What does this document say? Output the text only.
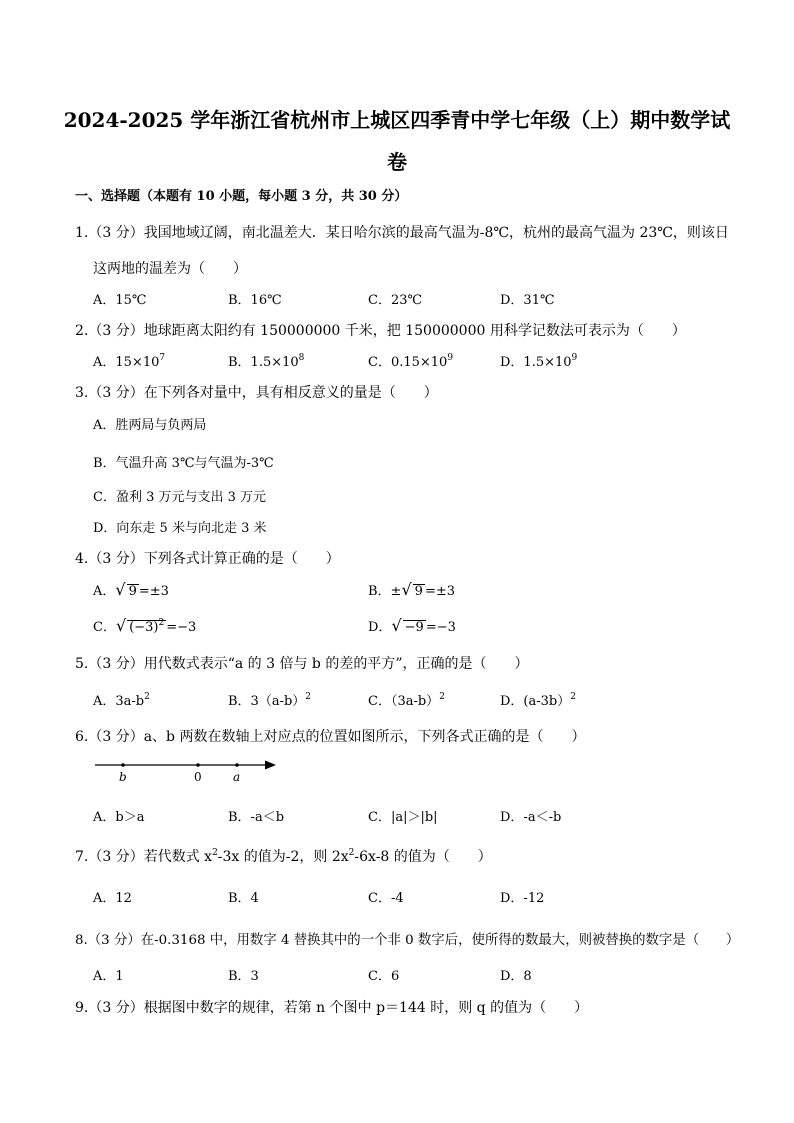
2024-2025 学年浙江省杭州市上城区四季青中学七年级（上）期中数学试
卷
一、选择题（本题有 10 小题，每小题 3 分，共 30 分）
1.（3 分）我国地域辽阔，南北温差大．某日哈尔滨的最高气温为-8℃，杭州的最高气温为 23℃，则该日
这两地的温差为（　　）
A．15℃	B．16℃	C．23℃	D．31℃
2.（3 分）地球距离太阳约有 150000000 千米，把 150000000 用科学记数法可表示为（　　）
A．$15\times 10^7$	B．$1.5\times 10^8$	C．$0.15\times 10^9$	D．$1.5\times 10^9$
3.（3 分）在下列各对量中，具有相反意义的量是（　　）
A．胜两局与负两局
B．气温升高 3℃与气温为-3℃
C．盈利 3 万元与支出 3 万元
D．向东走 5 米与向北走 3 米
4.（3 分）下列各式计算正确的是（　　）
A．√ 9 =±3	B．±√ 9 =±3
C．√ $(-3)^2 =-3$	D．√ −9 =−3
5.（3 分）用代数式表示“a 的 3 倍与 b 的差的平方”，正确的是（　　）
A．$3a-b^2$	B．$3(a-b)^2$	C．$(3a-b)^2$	D．(a-3b）$^2$
6.（3 分）a、b 两数在数轴上对应点的位置如图所示，下列各式正确的是（　　）
b	0	a
A．b＞a	B．-a＜b	C．|a|＞|b|	D．-a＜-b
7.（3 分）若代数式 $x^2-3x$ 的值为-2，则 $2x^2-6x-8$ 的值为（　　）
A．12	B．4	C．-4	D．-12
8.（3 分）在-0.3168 中，用数字 4 替换其中的一个非 0 数字后，使所得的数最大，则被替换的数字是（　　）
A．1	B．3	C．6	D．8
9.（3 分）根据图中数字的规律，若第 n 个图中 p＝144 时，则 q 的值为（　　）
